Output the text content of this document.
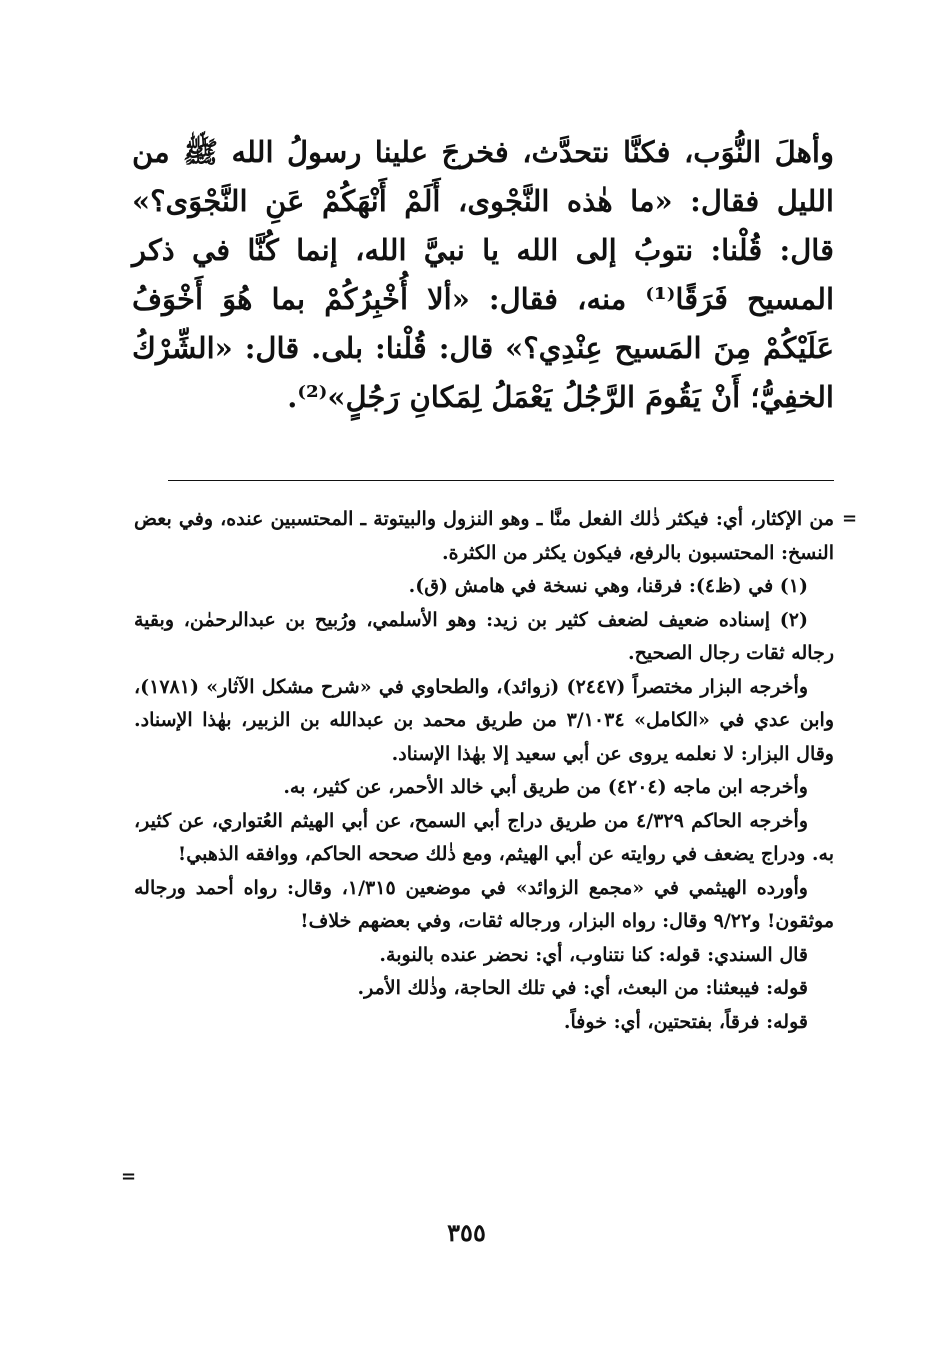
وأهلَ النُّوَب، فكنَّا نتحدَّث، فخرجَ علينا رسولُ الله ﷺ من الليل فقال: «ما هٰذه النَّجْوى، أَلَمْ أَنْهَكُمْ عَنِ النَّجْوَى؟» قال: قُلْنا: نتوبُ إلى الله يا نبيَّ الله، إنما كُنَّا في ذكر المسيح فَرَقًا⁽¹⁾ منه، فقال: «ألا أُخْبِرُكُمْ بما هُوَ أَخْوَفُ عَلَيْكُمْ مِنَ المَسيح عِنْدِي؟» قال: قُلْنا: بلى. قال: «الشِّرْكُ الخفِيُّ؛ أَنْ يَقُومَ الرَّجُلُ يَعْمَلُ لِمَكانِ رَجُلٍ»⁽²⁾.

=

من الإكثار، أي: فيكثر ذٰلك الفعل منَّا ـ وهو النزول والبيتوتة ـ المحتسبين عنده، وفي بعض النسخ: المحتسبون بالرفع، فيكون يكثر من الكثرة.

(١) في (ظ٤): فرقنا، وهي نسخة في هامش (ق).

(٢) إسناده ضعيف لضعف كثير بن زيد: وهو الأسلمي، ورُبيح بن عبدالرحمٰن، وبقية رجاله ثقات رجال الصحيح.

وأخرجه البزار مختصراً (٢٤٤٧) (زوائد)، والطحاوي في «شرح مشكل الآثار» (١٧٨١)، وابن عدي في «الكامل» ٣/١٠٣٤ من طريق محمد بن عبدالله بن الزبير، بهٰذا الإسناد. وقال البزار: لا نعلمه يروى عن أبي سعيد إلا بهٰذا الإسناد.

وأخرجه ابن ماجه (٤٢٠٤) من طريق أبي خالد الأحمر، عن كثير، به.

وأخرجه الحاكم ٤/٣٢٩ من طريق دراج أبي السمح، عن أبي الهيثم العُتواري، عن كثير، به. ودراج يضعف في روايته عن أبي الهيثم، ومع ذٰلك صححه الحاكم، ووافقه الذهبي!

وأورده الهيثمي في «مجمع الزوائد» في موضعين ١/٣١٥، وقال: رواه أحمد ورجاله موثقون! و٩/٢٢ وقال: رواه البزار، ورجاله ثقات، وفي بعضهم خلاف!

قال السندي: قوله: كنا نتناوب، أي: نحضر عنده بالنوبة.

قوله: فيبعثنا: من البعث، أي: في تلك الحاجة، وذٰلك الأمر.

قوله: فرقاً، بفتحتين، أي: خوفاً.

=
٣٥٥
